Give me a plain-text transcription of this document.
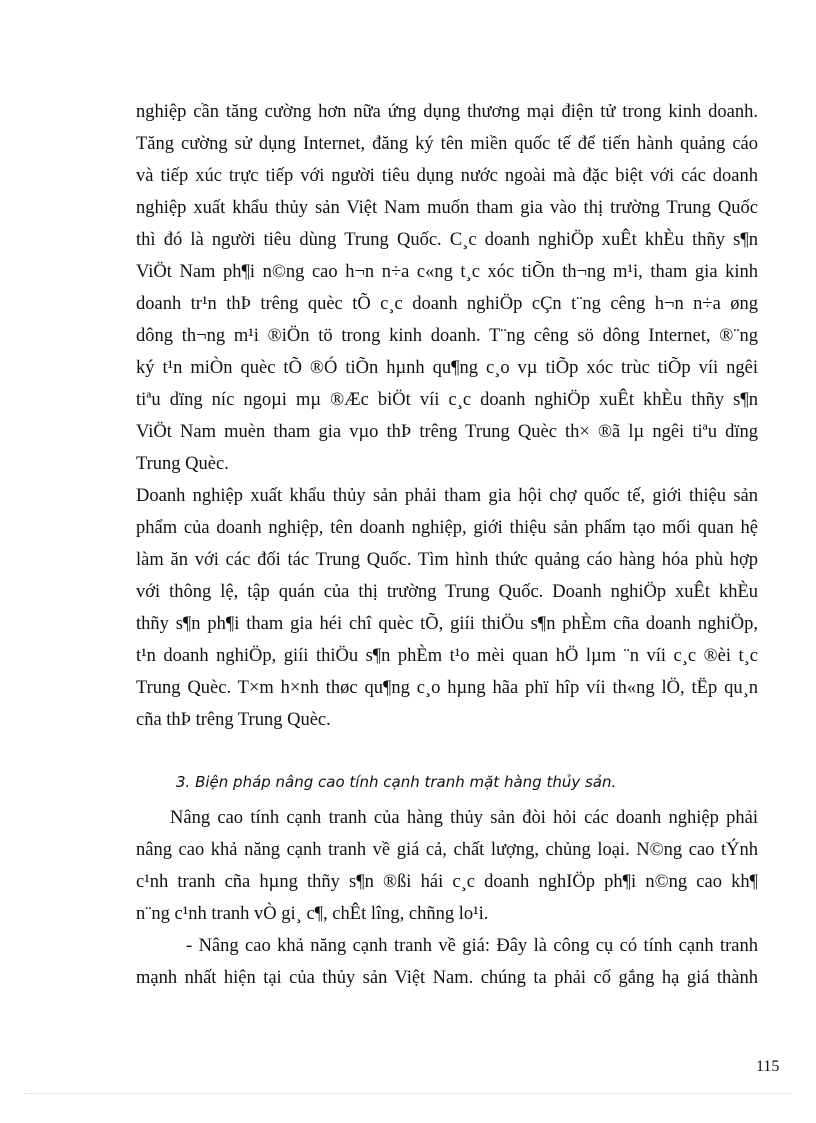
nghiệp cần tăng cường hơn nữa ứng dụng thương mại điện tử trong kinh doanh.
Tăng cường sử dụng Internet, đăng ký tên miền quốc tế để tiến hành quảng cáo
và tiếp xúc trực tiếp với người tiêu dụng nước ngoài mà đặc biệt với các doanh
nghiệp xuất khẩu thủy sản Việt Nam muốn tham gia vào thị trường Trung Quốc
thì đó là người tiêu dùng Trung Quốc. C¸c doanh nghiÖp xuÊt khÈu thñy s¶n
ViÖt Nam ph¶i n©ng cao h¬n n÷a c«ng t¸c xóc tiÕn th¬ng m¹i, tham gia kinh
doanh tr¹n thÞ trêng quèc tÕ c¸c doanh nghiÖp cÇn t¨ng cêng h¬n n÷a øng
dông th¬ng m¹i ®iÖn tö trong kinh doanh. T¨ng cêng sö dông Internet, ®¨ng
ký t¹n miÒn quèc tÕ ®Ó tiÕn hµnh qu¶ng c¸o vµ tiÕp xóc trùc tiÕp víi ngêi
tiªu dïng níc ngoµi mµ ®Æc biÖt víi c¸c doanh nghiÖp xuÊt khÈu thñy s¶n
ViÖt Nam muèn tham gia vµo thÞ trêng Trung Quèc th× ®ã lµ ngêi tiªu dïng
Trung Quèc.
Doanh nghiệp xuất khẩu thủy sản phải tham gia hội chợ quốc tế, giới thiệu sản
phẩm của doanh nghiệp, tên doanh nghiệp, giới thiệu sản phẩm tạo mối quan hệ
làm ăn với các đối tác Trung Quốc. Tìm hình thức quảng cáo hàng hóa phù hợp
với thông lệ, tập quán của thị trường Trung Quốc. Doanh nghiÖp xuÊt khÈu
thñy s¶n ph¶i tham gia héi chî quèc tÕ, giíi thiÖu s¶n phÈm cña doanh nghiÖp,
t¹n doanh nghiÖp, giíi thiÖu s¶n phÈm t¹o mèi quan hÖ lµm ¨n víi c¸c ®èi t¸c
Trung Quèc. T×m h×nh thøc qu¶ng c¸o hµng hãa phï hîp víi th«ng lÖ, tËp qu¸n
cña thÞ trêng Trung Quèc.
3. Biện pháp nâng cao tính cạnh tranh mặt hàng thủy sản.
Nâng cao tính cạnh tranh của hàng thủy sản đòi hỏi các doanh nghiệp phải
nâng cao khả năng cạnh tranh về giá cả, chất lượng, chủng loại. N©ng cao tÝnh
c¹nh tranh cña hµng thñy s¶n ®ßi hái c¸c doanh nghIÖp ph¶i n©ng cao kh¶
n¨ng c¹nh tranh vÒ gi¸ c¶, chÊt lîng, chñng lo¹i.
- Nâng cao khả năng cạnh tranh về giá: Đây là công cụ có tính cạnh tranh
mạnh nhất hiện tại của thủy sản Việt Nam. chúng ta phải cố gắng hạ giá thành
115
